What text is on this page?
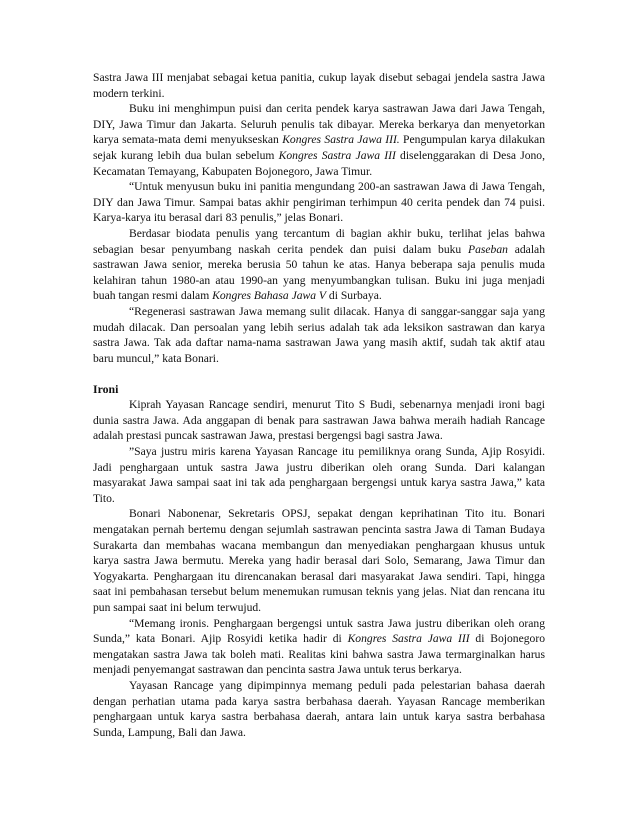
Sastra Jawa III menjabat sebagai ketua panitia, cukup layak disebut sebagai jendela sastra Jawa modern terkini.

Buku ini menghimpun puisi dan cerita pendek karya sastrawan Jawa dari Jawa Tengah, DIY, Jawa Timur dan Jakarta. Seluruh penulis tak dibayar. Mereka berkarya dan menyetorkan karya semata-mata demi menyukseskan Kongres Sastra Jawa III. Pengumpulan karya dilakukan sejak kurang lebih dua bulan sebelum Kongres Sastra Jawa III diselenggarakan di Desa Jono, Kecamatan Temayang, Kabupaten Bojonegoro, Jawa Timur.

“Untuk menyusun buku ini panitia mengundang 200-an sastrawan Jawa di Jawa Tengah, DIY dan Jawa Timur. Sampai batas akhir pengiriman terhimpun 40 cerita pendek dan 74 puisi. Karya-karya itu berasal dari 83 penulis,” jelas Bonari.

Berdasar biodata penulis yang tercantum di bagian akhir buku, terlihat jelas bahwa sebagian besar penyumbang naskah cerita pendek dan puisi dalam buku Paseban adalah sastrawan Jawa senior, mereka berusia 50 tahun ke atas. Hanya beberapa saja penulis muda kelahiran tahun 1980-an atau 1990-an yang menyumbangkan tulisan. Buku ini juga menjadi buah tangan resmi dalam Kongres Bahasa Jawa V di Surbaya.

“Regenerasi sastrawan Jawa memang sulit dilacak. Hanya di sanggar-sanggar saja yang mudah dilacak. Dan persoalan yang lebih serius adalah tak ada leksikon sastrawan dan karya sastra Jawa. Tak ada daftar nama-nama sastrawan Jawa yang masih aktif, sudah tak aktif atau baru muncul,” kata Bonari.

Ironi

Kiprah Yayasan Rancage sendiri, menurut Tito S Budi, sebenarnya menjadi ironi bagi dunia sastra Jawa. Ada anggapan di benak para sastrawan Jawa bahwa meraih hadiah Rancage adalah prestasi puncak sastrawan Jawa, prestasi bergengsi bagi sastra Jawa.

”Saya justru miris karena Yayasan Rancage itu pemiliknya orang Sunda, Ajip Rosyidi. Jadi penghargaan untuk sastra Jawa justru diberikan oleh orang Sunda. Dari kalangan masyarakat Jawa sampai saat ini tak ada penghargaan bergengsi untuk karya sastra Jawa,” kata Tito.

Bonari Nabonenar, Sekretaris OPSJ, sepakat dengan keprihatinan Tito itu. Bonari mengatakan pernah bertemu dengan sejumlah sastrawan pencinta sastra Jawa di Taman Budaya Surakarta dan membahas wacana membangun dan menyediakan penghargaan khusus untuk karya sastra Jawa bermutu. Mereka yang hadir berasal dari Solo, Semarang, Jawa Timur dan Yogyakarta. Penghargaan itu direncanakan berasal dari masyarakat Jawa sendiri. Tapi, hingga saat ini pembahasan tersebut belum menemukan rumusan teknis yang jelas. Niat dan rencana itu pun sampai saat ini belum terwujud.

“Memang ironis. Penghargaan bergengsi untuk sastra Jawa justru diberikan oleh orang Sunda,” kata Bonari. Ajip Rosyidi ketika hadir di Kongres Sastra Jawa III di Bojonegoro mengatakan sastra Jawa tak boleh mati. Realitas kini bahwa sastra Jawa termarginalkan harus menjadi penyemangat sastrawan dan pencinta sastra Jawa untuk terus berkarya.

Yayasan Rancage yang dipimpinnya memang peduli pada pelestarian bahasa daerah dengan perhatian utama pada karya sastra berbahasa daerah. Yayasan Rancage memberikan penghargaan untuk karya sastra berbahasa daerah, antara lain untuk karya sastra berbahasa Sunda, Lampung, Bali dan Jawa.
